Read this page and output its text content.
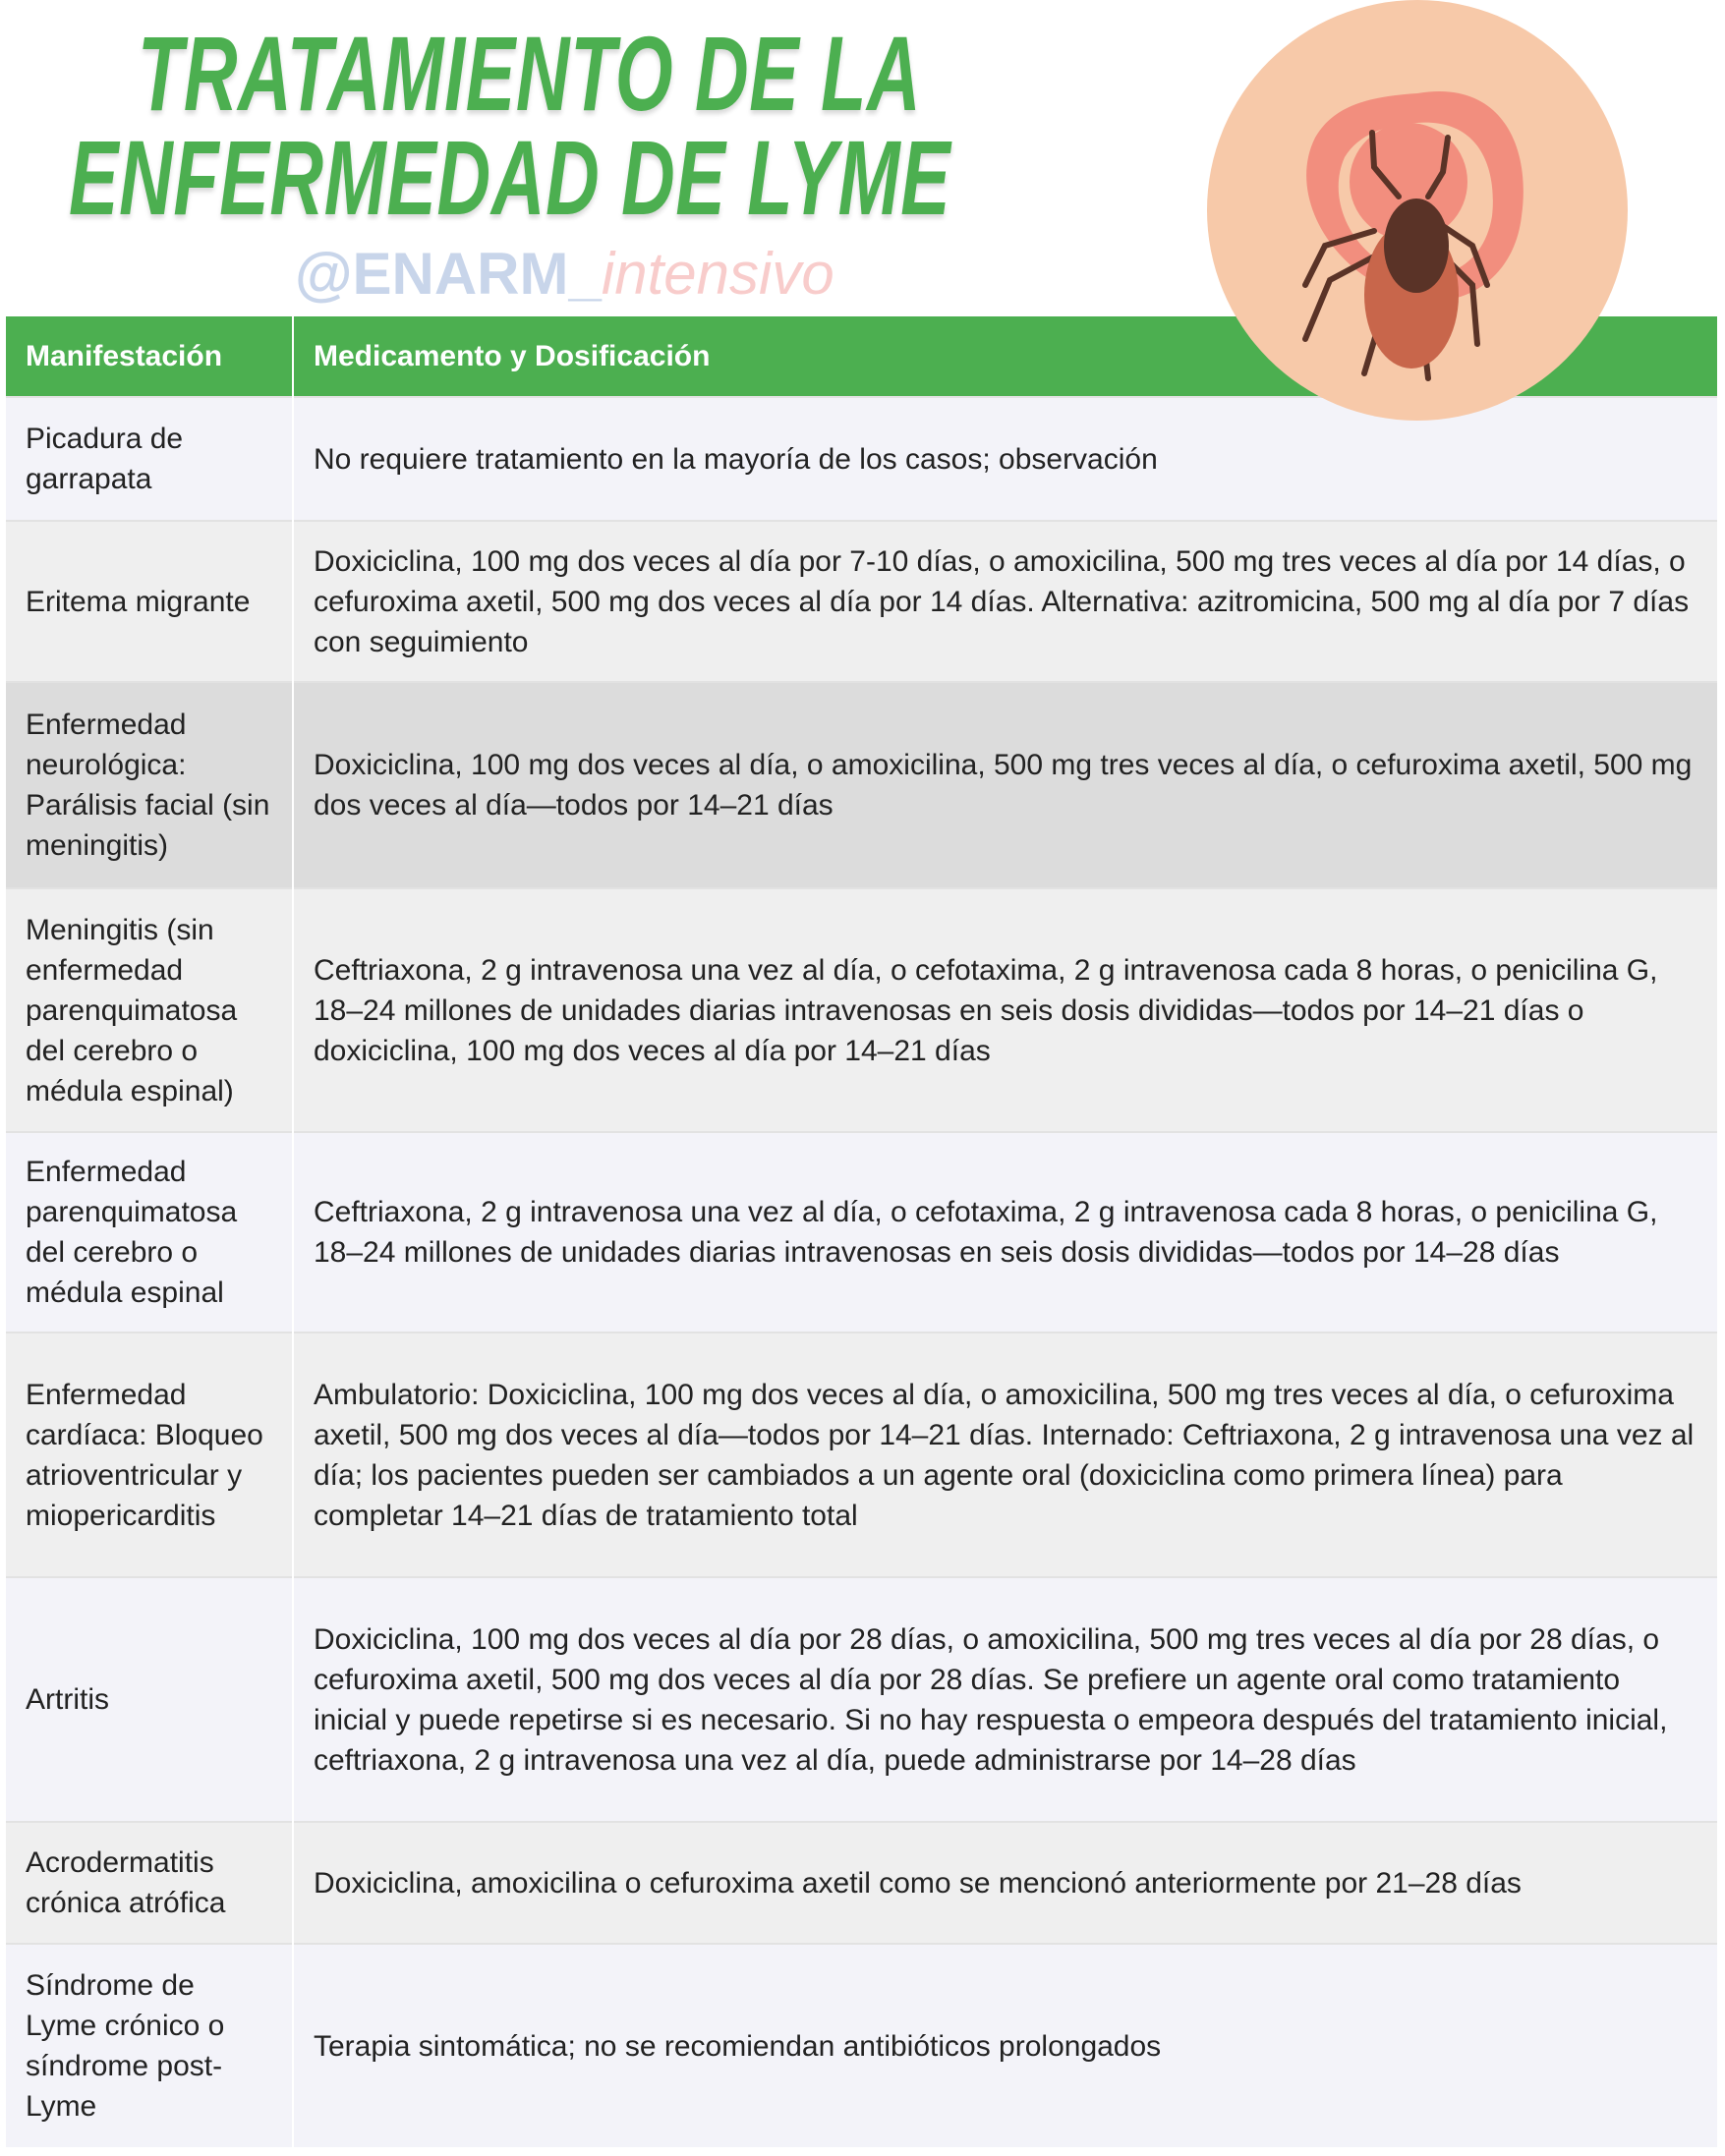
TRATAMIENTO DE LA
ENFERMEDAD DE LYME
@ENARM_intensivo
Manifestación	Medicamento y Dosificación
Picadura de garrapata	No requiere tratamiento en la mayoría de los casos; observación
Eritema migrante	Doxiciclina, 100 mg dos veces al día por 7-10 días, o amoxicilina, 500 mg tres veces al día por 14 días, o cefuroxima axetil, 500 mg dos veces al día por 14 días. Alternativa: azitromicina, 500 mg al día por 7 días con seguimiento
Enfermedad neurológica: Parálisis facial (sin meningitis)	Doxiciclina, 100 mg dos veces al día, o amoxicilina, 500 mg tres veces al día, o cefuroxima axetil, 500 mg dos veces al día—todos por 14–21 días
Meningitis (sin enfermedad parenquimatosa del cerebro o médula espinal)	Ceftriaxona, 2 g intravenosa una vez al día, o cefotaxima, 2 g intravenosa cada 8 horas, o penicilina G, 18–24 millones de unidades diarias intravenosas en seis dosis divididas—todos por 14–21 días o doxiciclina, 100 mg dos veces al día por 14–21 días
Enfermedad parenquimatosa del cerebro o médula espinal	Ceftriaxona, 2 g intravenosa una vez al día, o cefotaxima, 2 g intravenosa cada 8 horas, o penicilina G, 18–24 millones de unidades diarias intravenosas en seis dosis divididas—todos por 14–28 días
Enfermedad cardíaca: Bloqueo atrioventricular y miopericarditis	Ambulatorio: Doxiciclina, 100 mg dos veces al día, o amoxicilina, 500 mg tres veces al día, o cefuroxima axetil, 500 mg dos veces al día—todos por 14–21 días. Internado: Ceftriaxona, 2 g intravenosa una vez al día; los pacientes pueden ser cambiados a un agente oral (doxiciclina como primera línea) para completar 14–21 días de tratamiento total
Artritis	Doxiciclina, 100 mg dos veces al día por 28 días, o amoxicilina, 500 mg tres veces al día por 28 días, o cefuroxima axetil, 500 mg dos veces al día por 28 días. Se prefiere un agente oral como tratamiento inicial y puede repetirse si es necesario. Si no hay respuesta o empeora después del tratamiento inicial, ceftriaxona, 2 g intravenosa una vez al día, puede administrarse por 14–28 días
Acrodermatitis crónica atrófica	Doxiciclina, amoxicilina o cefuroxima axetil como se mencionó anteriormente por 21–28 días
Síndrome de Lyme crónico o síndrome post-Lyme	Terapia sintomática; no se recomiendan antibióticos prolongados
